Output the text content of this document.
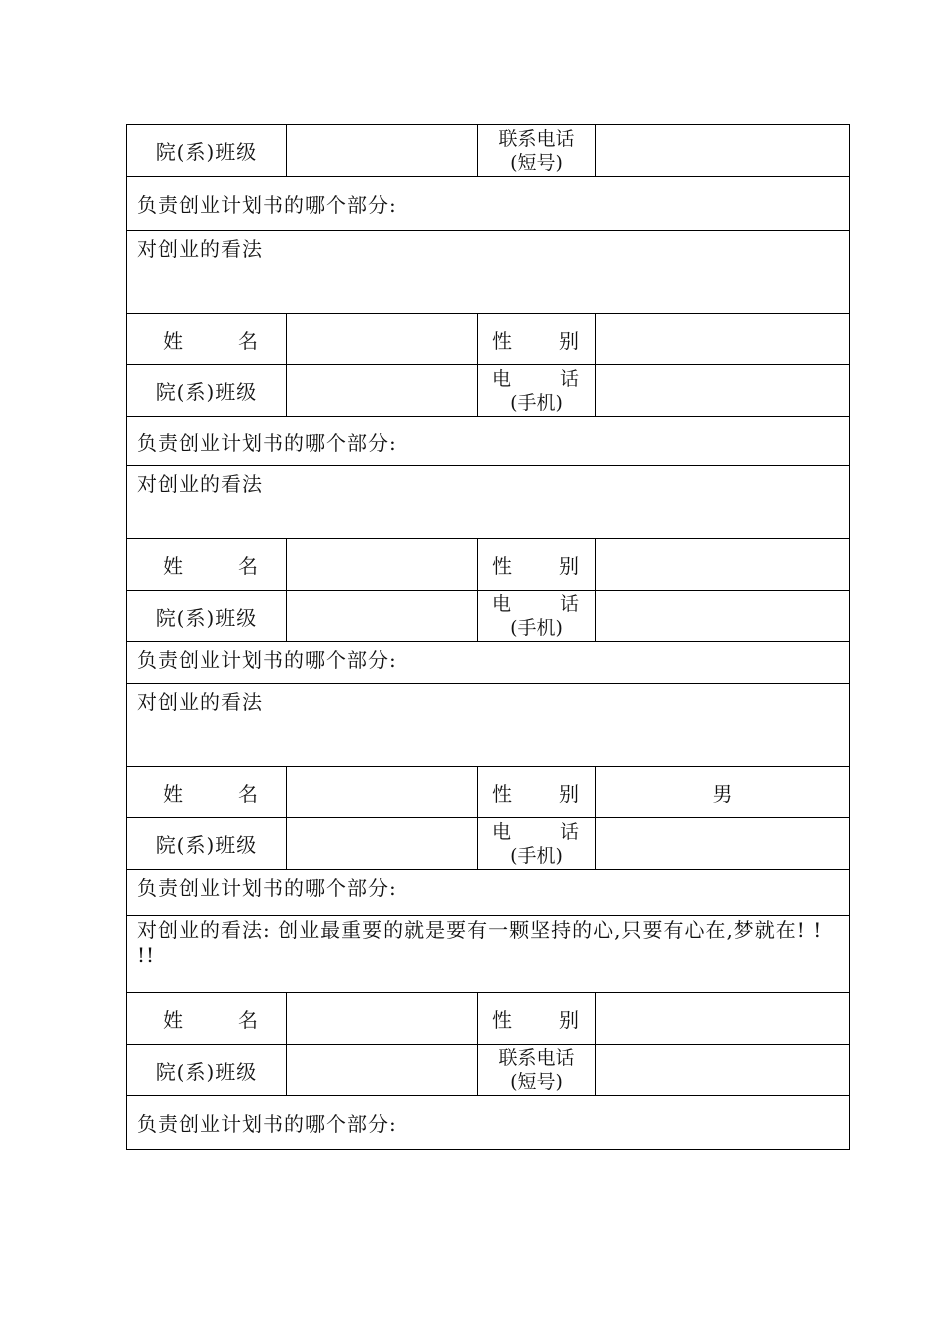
院(系)班级		联系电话
(短号)	

负责创业计划书的哪个部分:			
对创业的看法			

姓 名		性 别	

院(系)班级		电 话
(手机)	

负责创业计划书的哪个部分:			
对创业的看法			

姓 名		性 别	

院(系)班级		电 话
(手机)	

负责创业计划书的哪个部分:			
对创业的看法			

姓 名		性 别	男
院(系)班级		电 话
(手机)	

负责创业计划书的哪个部分:			
对创业的看法: 创业最重要的就是要有一颗坚持的心,只要有心在,梦就在! ! !!			

姓 名		性 别	

院(系)班级		联系电话
(短号)	

负责创业计划书的哪个部分:			
